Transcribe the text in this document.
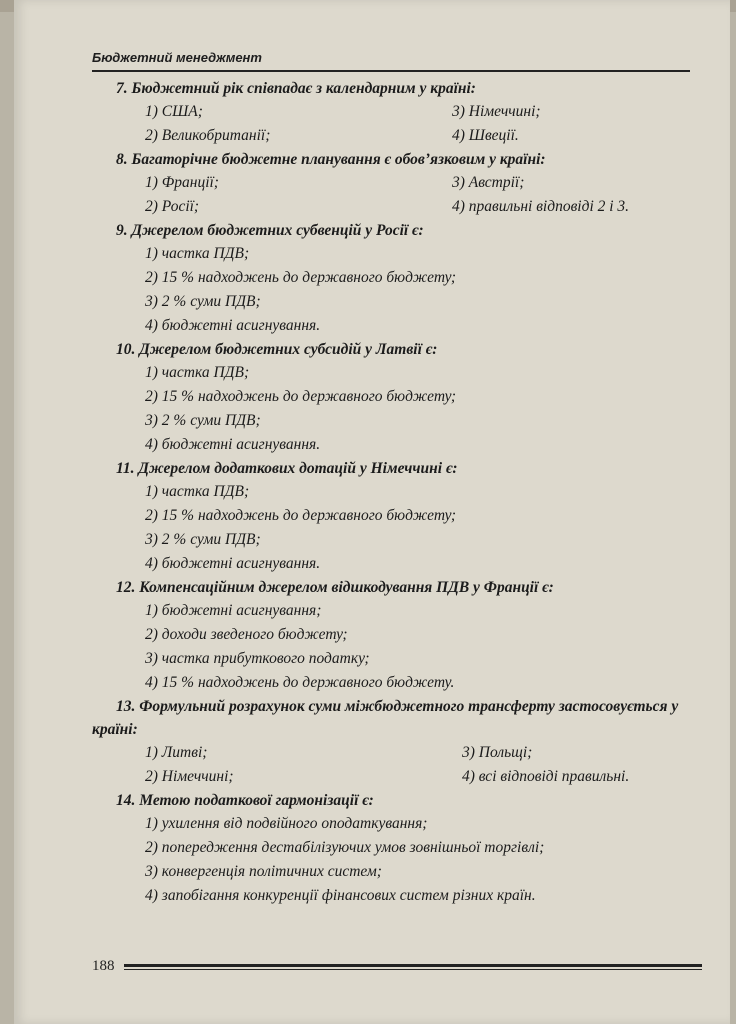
Бюджетний менеджмент

7. Бюджетний рік співпадає з календарним у країні:

1) США;	3) Німеччині;
2) Великобританії;	4) Швеції.

8. Багаторічне бюджетне планування є обов’язковим у країні:

1) Франції;	3) Австрії;
2) Росії;	4) правильні відповіді 2 і 3.

9. Джерелом бюджетних субвенцій у Росії є:

1) частка ПДВ;

2) 15 % надходжень до державного бюджету;

3) 2 % суми ПДВ;

4) бюджетні асигнування.

10. Джерелом бюджетних субсидій у Латвії є:

1) частка ПДВ;

2) 15 % надходжень до державного бюджету;

3) 2 % суми ПДВ;

4) бюджетні асигнування.

11. Джерелом додаткових дотацій у Німеччині є:

1) частка ПДВ;

2) 15 % надходжень до державного бюджету;

3) 2 % суми ПДВ;

4) бюджетні асигнування.

12. Компенсаційним джерелом відшкодування ПДВ у Франції є:

1) бюджетні асигнування;

2) доходи зведеного бюджету;

3) частка прибуткового податку;

4) 15 % надходжень до державного бюджету.

13. Формульний розрахунок суми міжбюджетного трансферту застосовується у країні:

1) Литві;	3) Польщі;
2) Німеччині;	4) всі відповіді правильні.

14. Метою податкової гармонізації є:

1) ухилення від подвійного оподаткування;

2) попередження дестабілізуючих умов зовнішньої торгівлі;

3) конвергенція політичних систем;

4) запобігання конкуренції фінансових систем різних країн.

188
